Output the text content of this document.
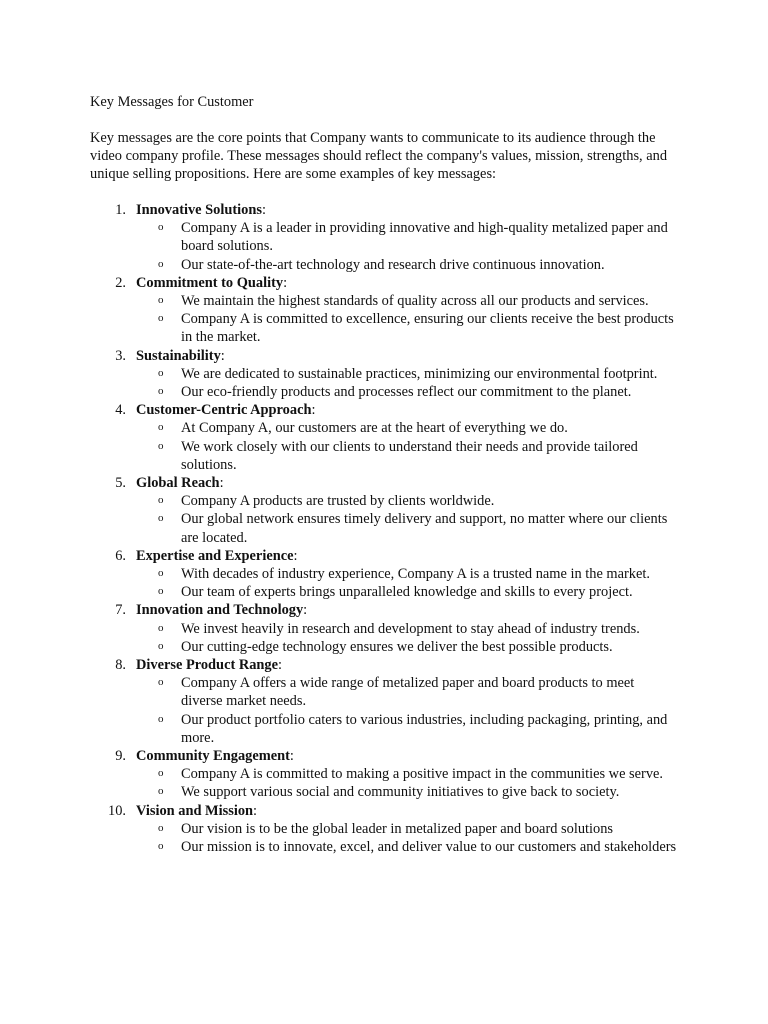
Key Messages for Customer

Key messages are the core points that Company wants to communicate to its audience through the video company profile. These messages should reflect the company's values, mission, strengths, and unique selling propositions. Here are some examples of key messages:

1. Innovative Solutions:
o Company A is a leader in providing innovative and high-quality metalized paper and board solutions.
o Our state-of-the-art technology and research drive continuous innovation.
2. Commitment to Quality:
o We maintain the highest standards of quality across all our products and services.
o Company A is committed to excellence, ensuring our clients receive the best products in the market.
3. Sustainability:
o We are dedicated to sustainable practices, minimizing our environmental footprint.
o Our eco-friendly products and processes reflect our commitment to the planet.
4. Customer-Centric Approach:
o At Company A, our customers are at the heart of everything we do.
o We work closely with our clients to understand their needs and provide tailored solutions.
5. Global Reach:
o Company A products are trusted by clients worldwide.
o Our global network ensures timely delivery and support, no matter where our clients are located.
6. Expertise and Experience:
o With decades of industry experience, Company A is a trusted name in the market.
o Our team of experts brings unparalleled knowledge and skills to every project.
7. Innovation and Technology:
o We invest heavily in research and development to stay ahead of industry trends.
o Our cutting-edge technology ensures we deliver the best possible products.
8. Diverse Product Range:
o Company A offers a wide range of metalized paper and board products to meet diverse market needs.
o Our product portfolio caters to various industries, including packaging, printing, and more.
9. Community Engagement:
o Company A is committed to making a positive impact in the communities we serve.
o We support various social and community initiatives to give back to society.
10. Vision and Mission:
o Our vision is to be the global leader in metalized paper and board solutions
o Our mission is to innovate, excel, and deliver value to our customers and stakeholders
